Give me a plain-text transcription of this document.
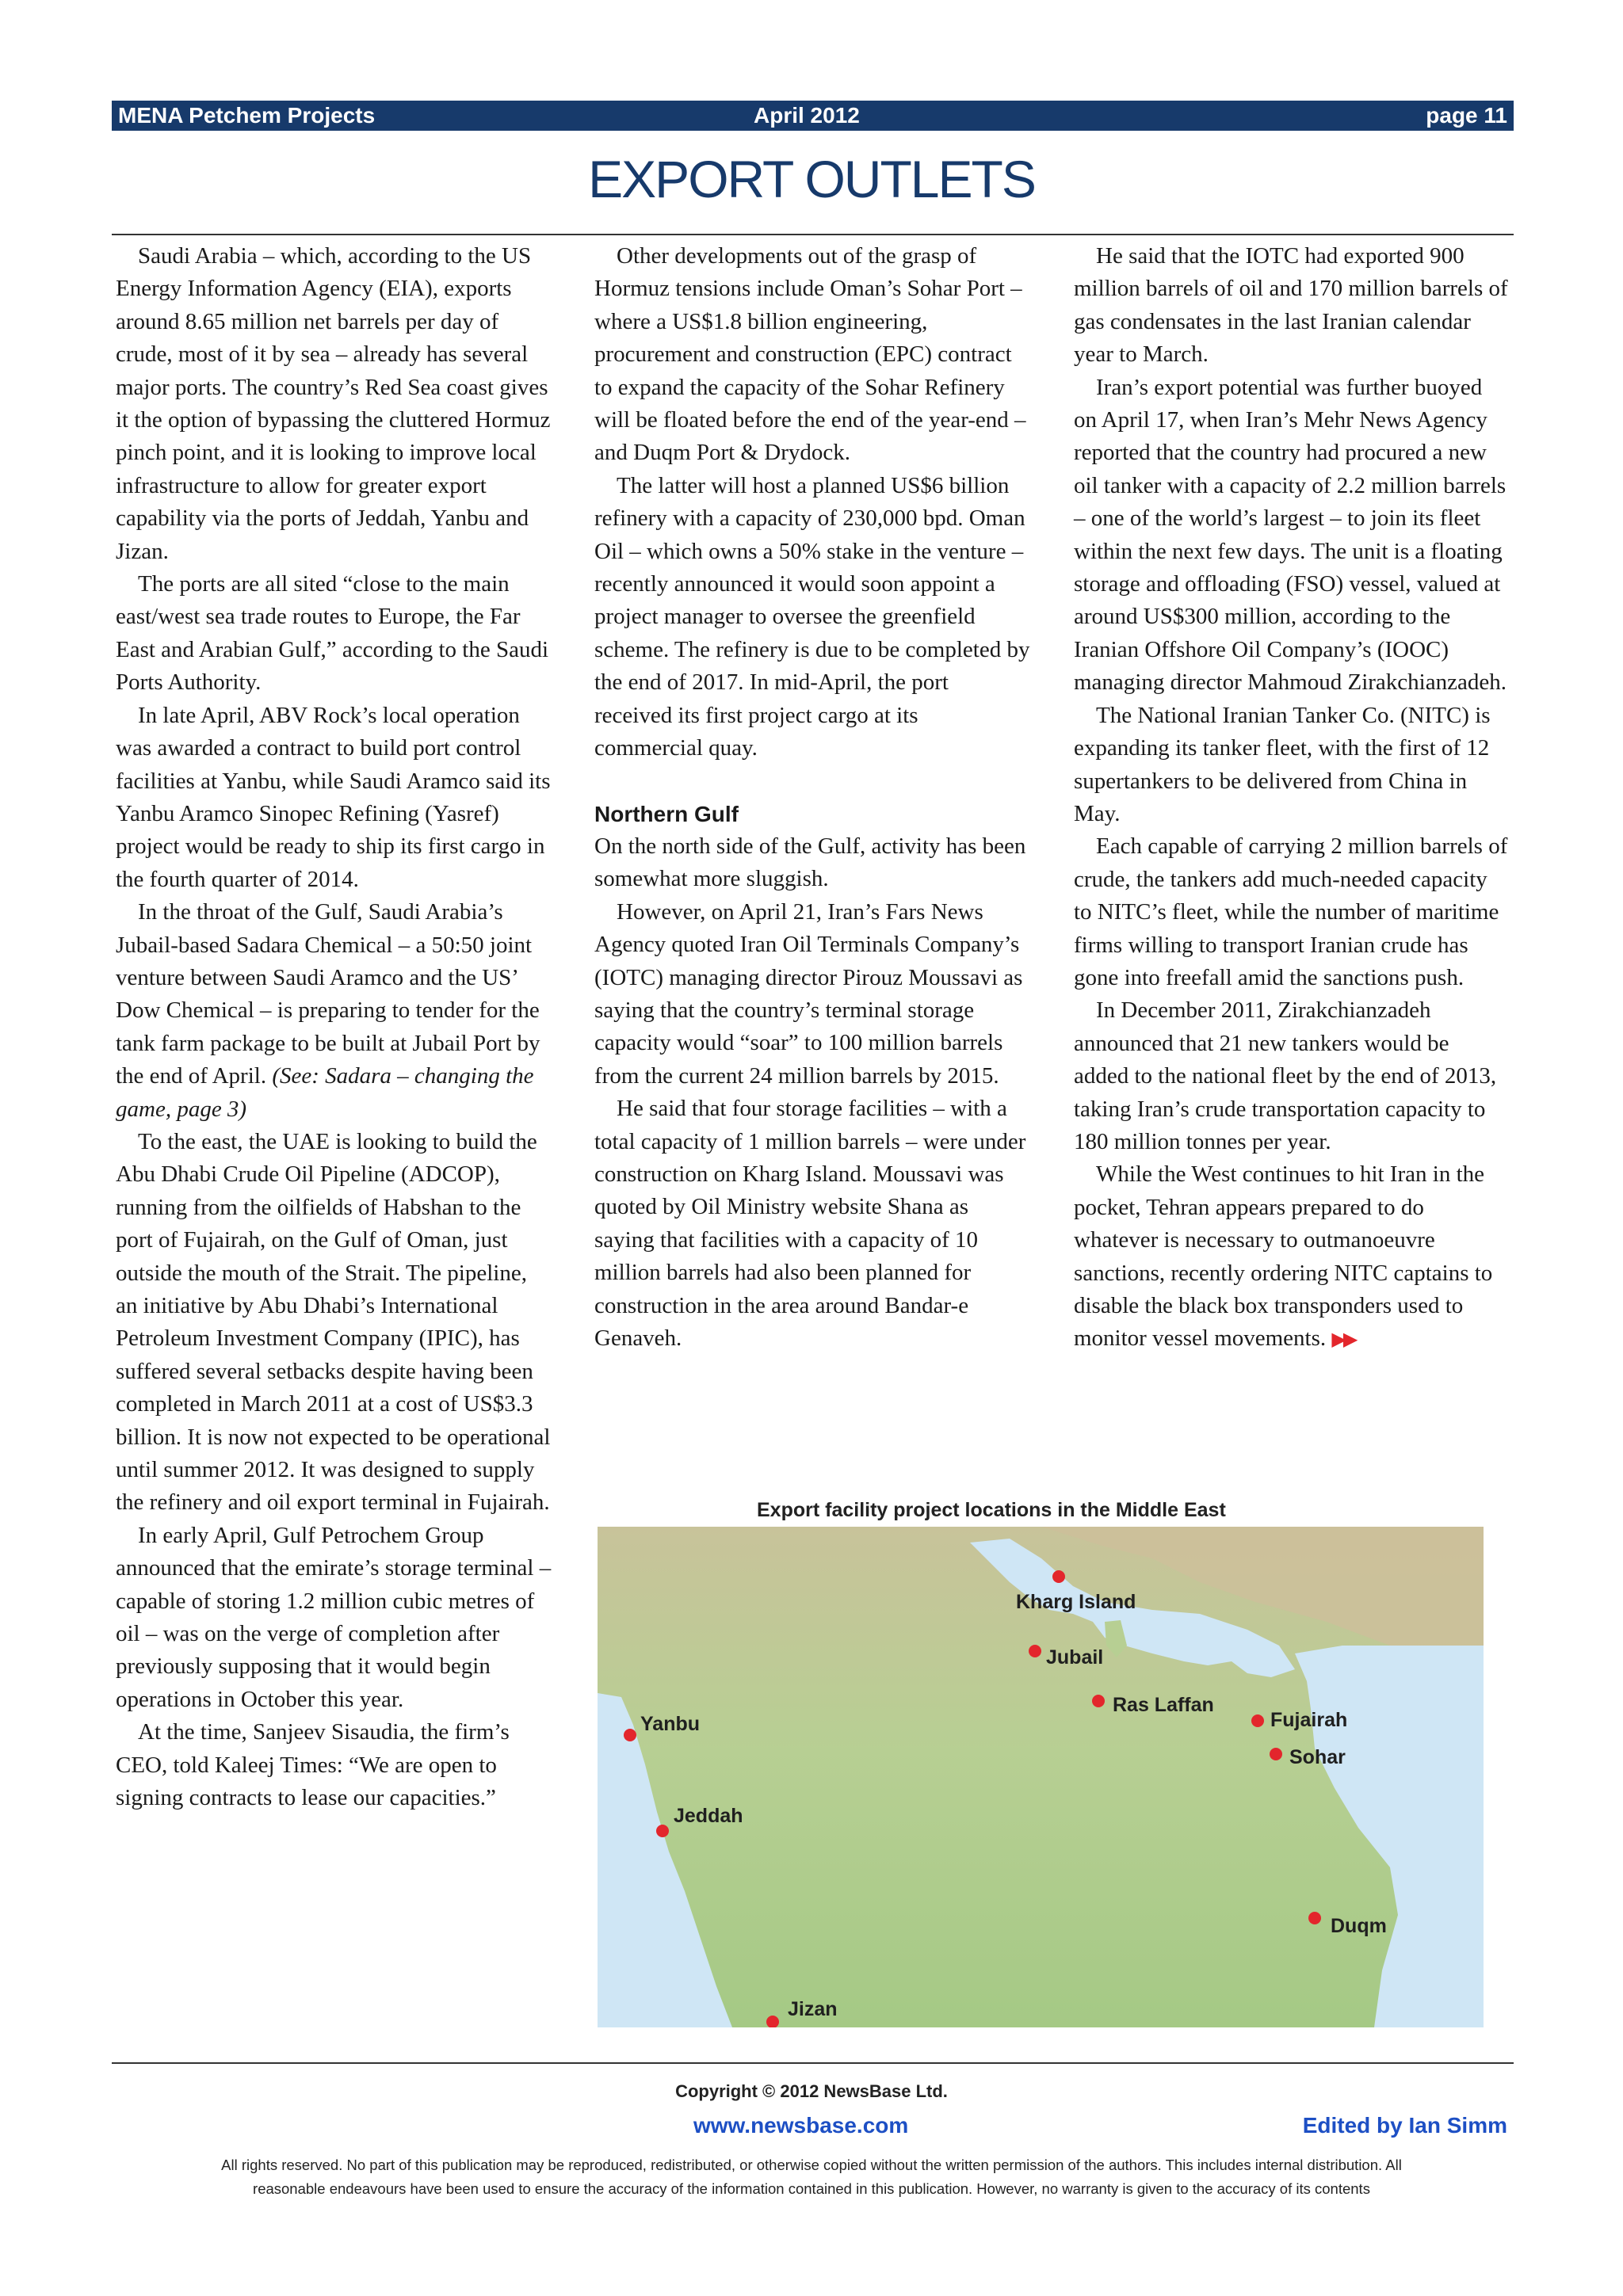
MENA Petchem Projects	April 2012	page 11
EXPORT OUTLETS

Saudi Arabia – which, according to the US Energy Information Agency (EIA), exports around 8.65 million net barrels per day of crude, most of it by sea – already has several major ports. The country’s Red Sea coast gives it the option of bypassing the cluttered Hormuz pinch point, and it is looking to improve local infrastructure to allow for greater export capability via the ports of Jeddah, Yanbu and Jizan.

The ports are all sited “close to the main east/west sea trade routes to Europe, the Far East and Arabian Gulf,” according to the Saudi Ports Authority.

In late April, ABV Rock’s local operation was awarded a contract to build port control facilities at Yanbu, while Saudi Aramco said its Yanbu Aramco Sinopec Refining (Yasref) project would be ready to ship its first cargo in the fourth quarter of 2014.

In the throat of the Gulf, Saudi Arabia’s Jubail-based Sadara Chemical – a 50:50 joint venture between Saudi Aramco and the US’ Dow Chemical – is preparing to tender for the tank farm package to be built at Jubail Port by the end of April. (See: Sadara – changing the game, page 3)

To the east, the UAE is looking to build the Abu Dhabi Crude Oil Pipeline (ADCOP), running from the oilfields of Habshan to the port of Fujairah, on the Gulf of Oman, just outside the mouth of the Strait. The pipeline, an initiative by Abu Dhabi’s International Petroleum Investment Company (IPIC), has suffered several setbacks despite having been completed in March 2011 at a cost of US$3.3 billion. It is now not expected to be operational until summer 2012. It was designed to supply the refinery and oil export terminal in Fujairah.

In early April, Gulf Petrochem Group announced that the emirate’s storage terminal – capable of storing 1.2 million cubic metres of oil – was on the verge of completion after previously supposing that it would begin operations in October this year.

At the time, Sanjeev Sisaudia, the firm’s CEO, told Kaleej Times: “We are open to signing contracts to lease our capacities.”

Other developments out of the grasp of Hormuz tensions include Oman’s Sohar Port – where a US$1.8 billion engineering, procurement and construction (EPC) contract to expand the capacity of the Sohar Refinery will be floated before the end of the year-end – and Duqm Port & Drydock.

The latter will host a planned US$6 billion refinery with a capacity of 230,000 bpd. Oman Oil – which owns a 50% stake in the venture – recently announced it would soon appoint a project manager to oversee the greenfield scheme. The refinery is due to be completed by the end of 2017. In mid-April, the port received its first project cargo at its commercial quay.

Northern Gulf

On the north side of the Gulf, activity has been somewhat more sluggish.

However, on April 21, Iran’s Fars News Agency quoted Iran Oil Terminals Company’s (IOTC) managing director Pirouz Moussavi as saying that the country’s terminal storage capacity would “soar” to 100 million barrels from the current 24 million barrels by 2015.

He said that four storage facilities – with a total capacity of 1 million barrels – were under construction on Kharg Island. Moussavi was quoted by Oil Ministry website Shana as saying that facilities with a capacity of 10 million barrels had also been planned for construction in the area around Bandar-e Genaveh.

He said that the IOTC had exported 900 million barrels of oil and 170 million barrels of gas condensates in the last Iranian calendar year to March.

Iran’s export potential was further buoyed on April 17, when Iran’s Mehr News Agency reported that the country had procured a new oil tanker with a capacity of 2.2 million barrels – one of the world’s largest – to join its fleet within the next few days. The unit is a floating storage and offloading (FSO) vessel, valued at around US$300 million, according to the Iranian Offshore Oil Company’s (IOOC) managing director Mahmoud Zirakchianzadeh.

The National Iranian Tanker Co. (NITC) is expanding its tanker fleet, with the first of 12 supertankers to be delivered from China in May.

Each capable of carrying 2 million barrels of crude, the tankers add much-needed capacity to NITC’s fleet, while the number of maritime firms willing to transport Iranian crude has gone into freefall amid the sanctions push.

In December 2011, Zirakchianzadeh announced that 21 new tankers would be added to the national fleet by the end of 2013, taking Iran’s crude transportation capacity to 180 million tonnes per year.

While the West continues to hit Iran in the pocket, Tehran appears prepared to do whatever is necessary to outmanoeuvre sanctions, recently ordering NITC captains to disable the black box transponders used to monitor vessel movements. ▶▶

Export facility project locations in the Middle East
Kharg Island
Jubail
Ras Laffan
Fujairah
Sohar
Yanbu
Jeddah
Duqm
Jizan
Copyright © 2012 NewsBase Ltd.
www.newsbase.com	Edited by Ian Simm
All rights reserved. No part of this publication may be reproduced, redistributed, or otherwise copied without the written permission of the authors. This includes internal distribution. All
reasonable endeavours have been used to ensure the accuracy of the information contained in this publication. However, no warranty is given to the accuracy of its contents
